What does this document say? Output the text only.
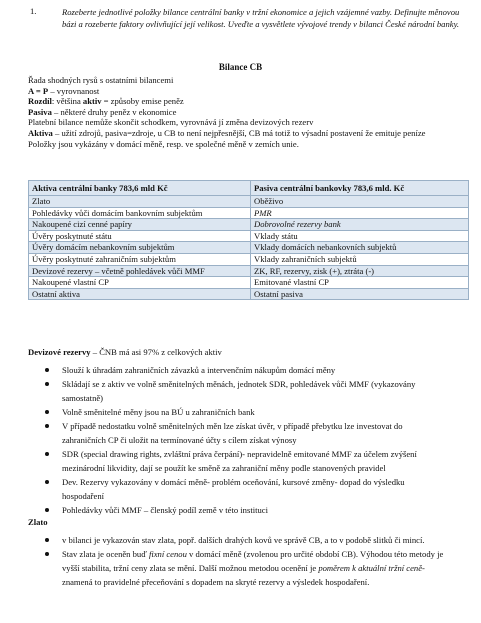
1.	Rozeberte jednotlivé položky bilance centrální banky v tržní ekonomice a jejich vzájemné vazby. Definujte měnovou bázi a rozeberte faktory ovlivňující její velikost. Uveďte a vysvětlete vývojové trendy v bilanci České národní banky.
Bilance CB
Řada shodných rysů s ostatními bilancemi
A = P – vyrovnanost
Rozdíl: většina aktiv = způsoby emise peněz
Pasiva – některé druhy peněz v ekonomice
Platební bilance nemůže skončit schodkem, vyrovnává jí změna devizových rezerv
Aktiva – užití zdrojů, pasiva=zdroje, u CB to není nejpřesnější, CB má totiž to výsadní postavení že emituje peníze
Položky jsou vykázány v domácí měně, resp. ve společné měně v zemích unie.
Aktiva centrální banky 783,6 mld Kč	Pasiva centrální bankovky 783,6 mld. Kč
Zlato	Oběživo
Pohledávky vůči domácím bankovním subjektům	PMR
Nakoupené cizí cenné papíry	Dobrovolné rezervy bank
Úvěry poskytnuté státu	Vklady státu
Úvěry domácím nebankovním subjektům	Vklady domácích nebankovních subjektů
Úvěry poskytnuté zahraničním subjektům	Vklady zahraničních subjektů
Devizové rezervy – včetně pohledávek vůči MMF	ZK, RF, rezervy, zisk (+), ztráta (-)
Nakoupené vlastní CP	Emitované vlastní CP
Ostatní aktiva	Ostatní pasiva
Devizové rezervy – ČNB má asi 97% z celkových aktiv
Slouží k úhradám zahraničních závazků a intervenčním nákupům domácí měny
Skládají se z aktiv ve volně směnitelných měnách, jednotek SDR, pohledávek vůči MMF (vykazovány samostatně)
Volně směnitelné měny jsou na BÚ u zahraničních bank
V případě nedostatku volně směnitelných měn lze získat úvěr, v případě přebytku lze investovat do zahraničních CP či uložit na termínované účty s cílem získat výnosy
SDR (special drawing rights, zvláštní práva čerpání)- nepravidelně emitované MMF za účelem zvýšení mezinárodní likvidity, dají se použít ke směně za zahraniční měny podle stanovených pravidel
Dev. Rezervy vykazovány v domácí měně- problém oceňování, kursové změny- dopad do výsledku hospodaření
Pohledávky vůči MMF – členský podíl země v této instituci
Zlato
v bilanci je vykazován stav zlata, popř. dalších drahých kovů ve správě CB, a to v podobě slitků či mincí.
Stav zlata je oceněn buď fixní cenou v domácí měně (zvolenou pro určité období CB). Výhodou této metody je vyšší stabilita, tržní ceny zlata se mění. Další možnou metodou ocenění je poměrem k aktuální tržní ceně- znamená to pravidelné přeceňování s dopadem na skryté rezervy a výsledek hospodaření.
